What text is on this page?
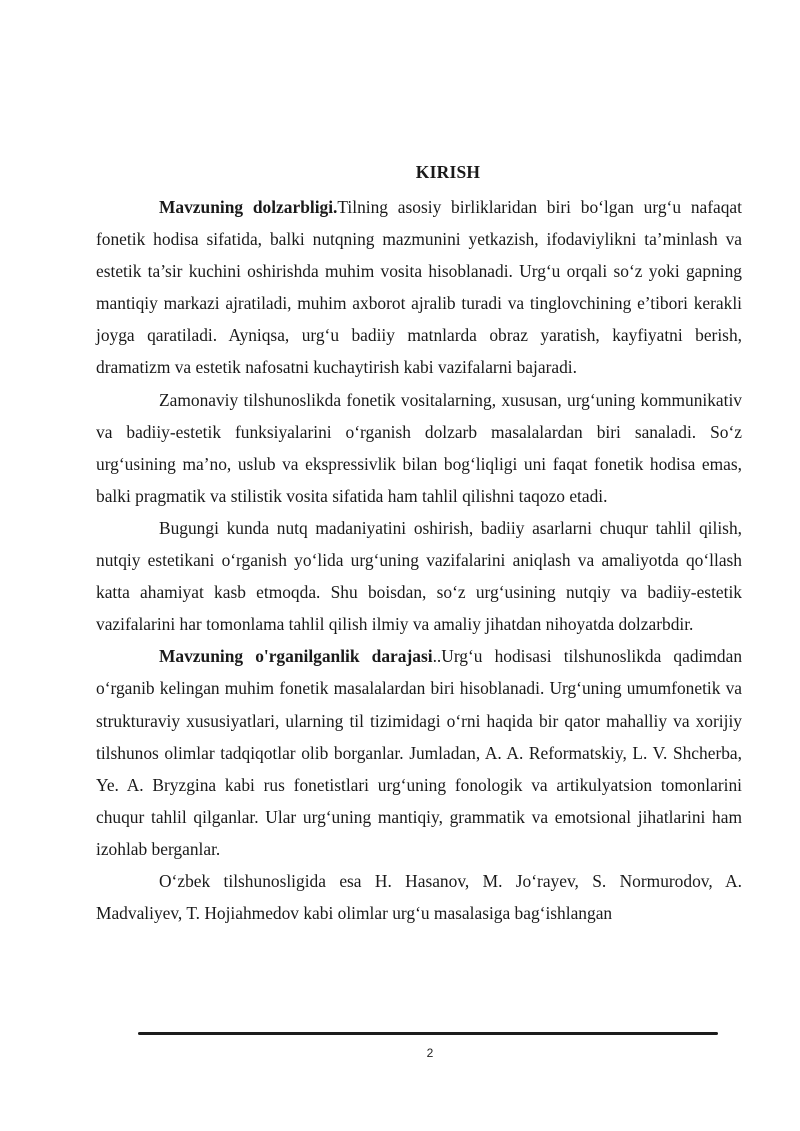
KIRISH

Mavzuning dolzarbligi.Tilning asosiy birliklaridan biri bo‘lgan urg‘u nafaqat fonetik hodisa sifatida, balki nutqning mazmunini yetkazish, ifodaviylikni ta’minlash va estetik ta’sir kuchini oshirishda muhim vosita hisoblanadi. Urg‘u orqali so‘z yoki gapning mantiqiy markazi ajratiladi, muhim axborot ajralib turadi va tinglovchining e’tibori kerakli joyga qaratiladi. Ayniqsa, urg‘u badiiy matnlarda obraz yaratish, kayfiyatni berish, dramatizm va estetik nafosatni kuchaytirish kabi vazifalarni bajaradi.

Zamonaviy tilshunoslikda fonetik vositalarning, xususan, urg‘uning kommunikativ va badiiy-estetik funksiyalarini o‘rganish dolzarb masalalardan biri sanaladi. So‘z urg‘usining ma’no, uslub va ekspressivlik bilan bog‘liqligi uni faqat fonetik hodisa emas, balki pragmatik va stilistik vosita sifatida ham tahlil qilishni taqozo etadi.

Bugungi kunda nutq madaniyatini oshirish, badiiy asarlarni chuqur tahlil qilish, nutqiy estetikani o‘rganish yo‘lida urg‘uning vazifalarini aniqlash va amaliyotda qo‘llash katta ahamiyat kasb etmoqda. Shu boisdan, so‘z urg‘usining nutqiy va badiiy-estetik vazifalarini har tomonlama tahlil qilish ilmiy va amaliy jihatdan nihoyatda dolzarbdir.

Mavzuning o'rganilganlik darajasi..Urg‘u hodisasi tilshunoslikda qadimdan o‘rganib kelingan muhim fonetik masalalardan biri hisoblanadi. Urg‘uning umumfonetik va strukturaviy xususiyatlari, ularning til tizimidagi o‘rni haqida bir qator mahalliy va xorijiy tilshunos olimlar tadqiqotlar olib borganlar. Jumladan, A. A. Reformatskiy, L. V. Shcherba, Ye. A. Bryzgina kabi rus fonetistlari urg‘uning fonologik va artikulyatsion tomonlarini chuqur tahlil qilganlar. Ular urg‘uning mantiqiy, grammatik va emotsional jihatlarini ham izohlab berganlar.

O‘zbek tilshunosligida esa H. Hasanov, M. Jo‘rayev, S. Normurodov, A. Madvaliyev, T. Hojiahmedov kabi olimlar urg‘u masalasiga bag‘ishlangan

2
